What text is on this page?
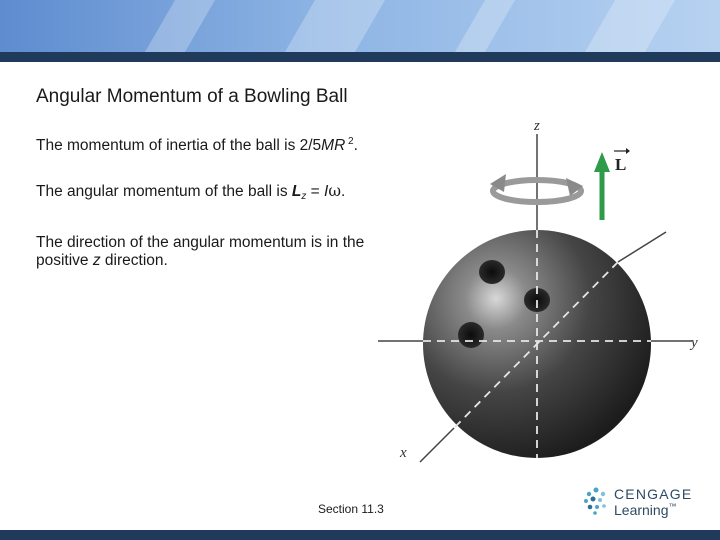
Angular Momentum of a Bowling Ball
The momentum of inertia of the ball is 2/5MR $^2$.
The angular momentum of the ball is $L_z = I\omega$.
The direction of the angular momentum is in the positive z direction.
z
y
x
L
Section 11.3
CENGAGE
Learning™
